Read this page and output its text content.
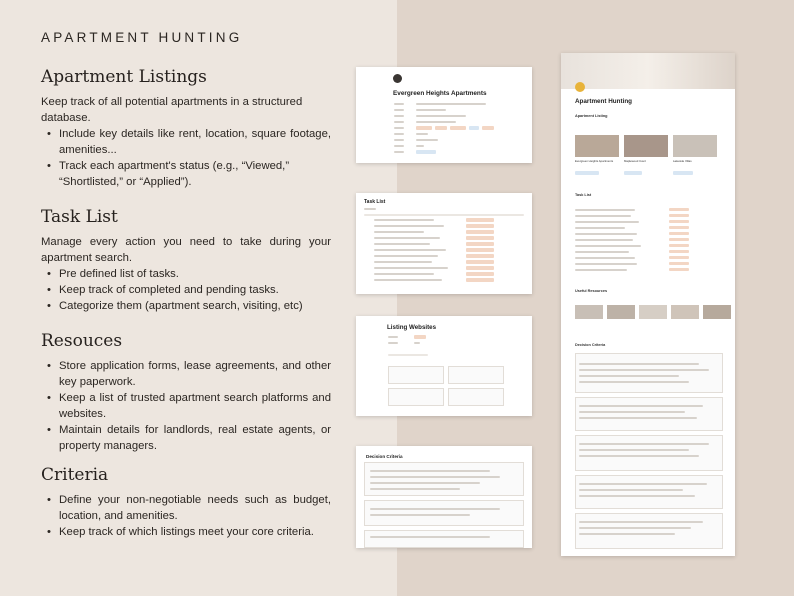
APARTMENT HUNTING
Apartment Listings
Keep track of all potential apartments in a structured database.
• Include key details like rent, location, square footage, amenities...
• Track each apartment's status (e.g., “Viewed,” “Shortlisted,” or “Applied”).
Task List
Manage every action you need to take during your apartment search.
• Pre defined list of tasks.
• Keep track of completed and pending tasks.
• Categorize them (apartment search, visiting, etc)
Resouces
• Store application forms, lease agreements, and other key paperwork.
• Keep a list of trusted apartment search platforms and websites.
• Maintain details for landlords, real estate agents, or property managers.
Criteria
• Define your non-negotiable needs such as budget, location, and amenities.
• Keep track of which listings meet your core criteria.
Evergreen Heights Apartments
Task List
Listing Websites
Decision Criteria
Apartment Hunting
Apartment Listing
Evergreen Heights Apartments	Maplewood Court	Lakeside Villas
Task List
Useful Resources
Decision Criteria
